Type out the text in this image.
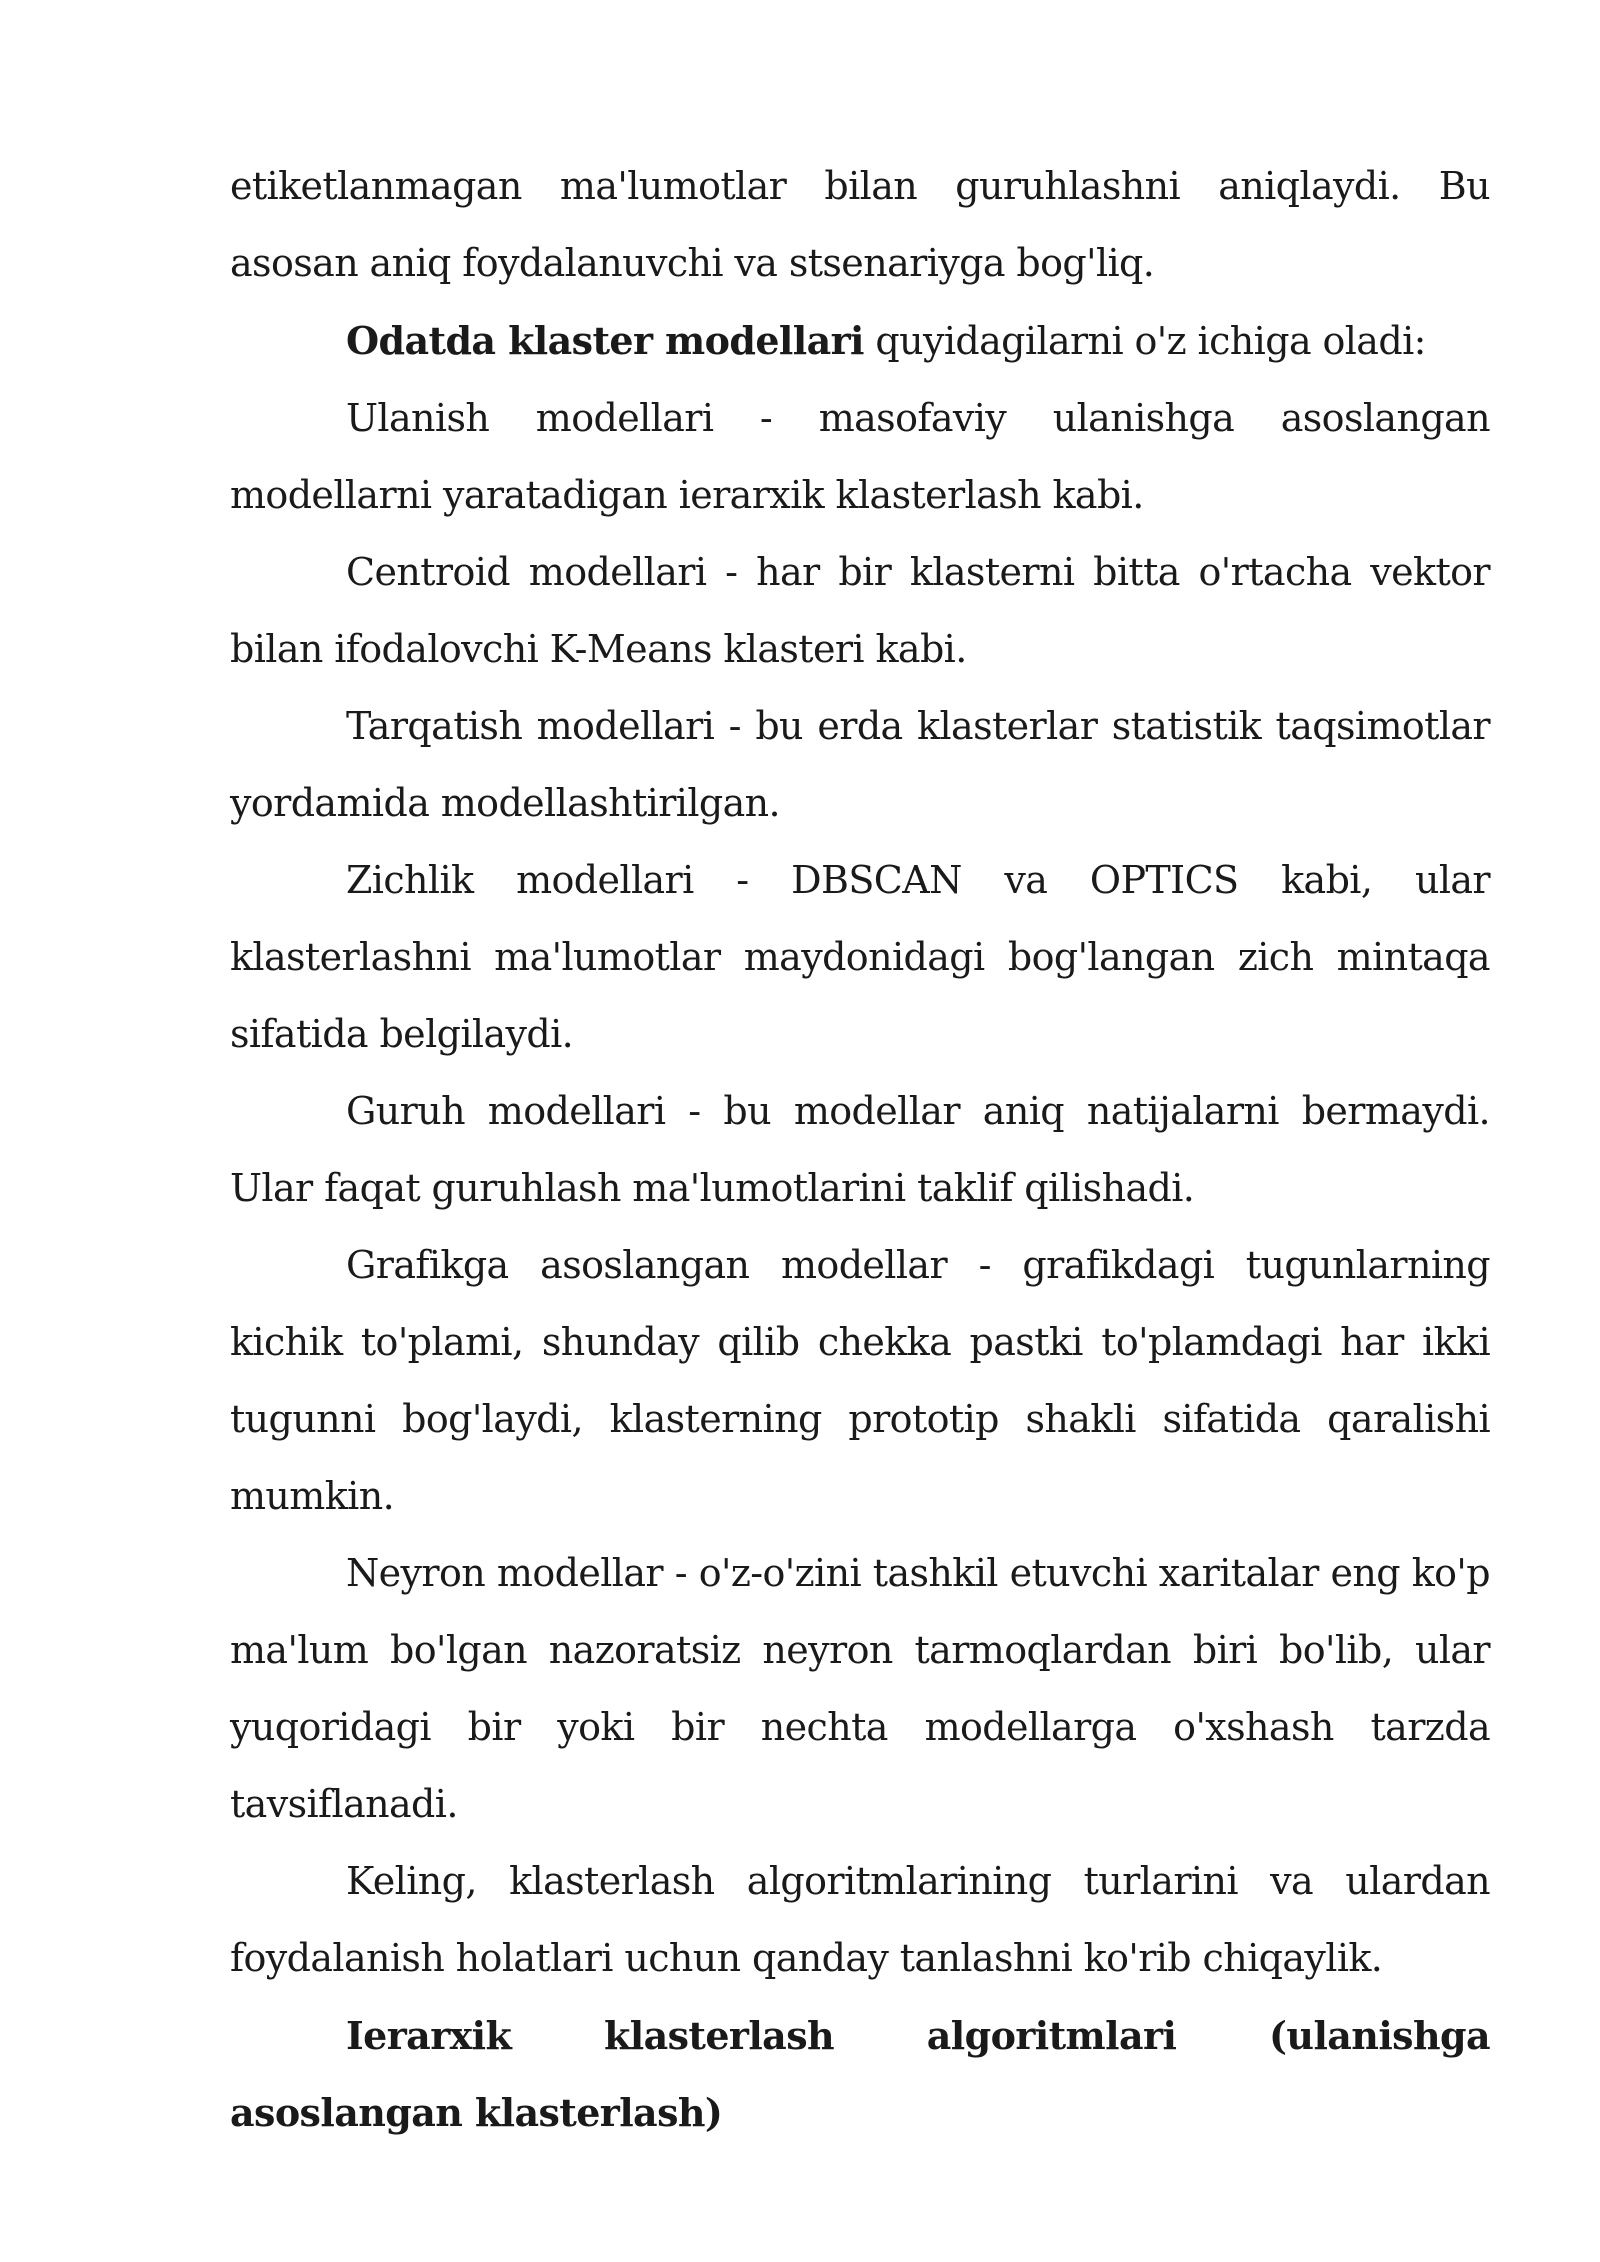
etiketlanmagan ma'lumotlar bilan guruhlashni aniqlaydi. Bu asosan aniq foydalanuvchi va stsenariyga bog'liq.

Odatda klaster modellari quyidagilarni o'z ichiga oladi:

Ulanish modellari - masofaviy ulanishga asoslangan modellarni yaratadigan ierarxik klasterlash kabi.

Centroid modellari - har bir klasterni bitta o'rtacha vektor bilan ifodalovchi K-Means klasteri kabi.

Tarqatish modellari - bu erda klasterlar statistik taqsimotlar yordamida modellashtirilgan.

Zichlik modellari - DBSCAN va OPTICS kabi, ular klasterlashni ma'lumotlar maydonidagi bog'langan zich mintaqa sifatida belgilaydi.

Guruh modellari - bu modellar aniq natijalarni bermaydi. Ular faqat guruhlash ma'lumotlarini taklif qilishadi.

Grafikga asoslangan modellar - grafikdagi tugunlarning kichik to'plami, shunday qilib chekka pastki to'plamdagi har ikki tugunni bog'laydi, klasterning prototip shakli sifatida qaralishi mumkin.

Neyron modellar - o'z-o'zini tashkil etuvchi xaritalar eng ko'p ma'lum bo'lgan nazoratsiz neyron tarmoqlardan biri bo'lib, ular yuqoridagi bir yoki bir nechta modellarga o'xshash tarzda tavsiflanadi.

Keling, klasterlash algoritmlarining turlarini va ulardan foydalanish holatlari uchun qanday tanlashni ko'rib chiqaylik.

Ierarxik klasterlash algoritmlari (ulanishga asoslangan klasterlash)
